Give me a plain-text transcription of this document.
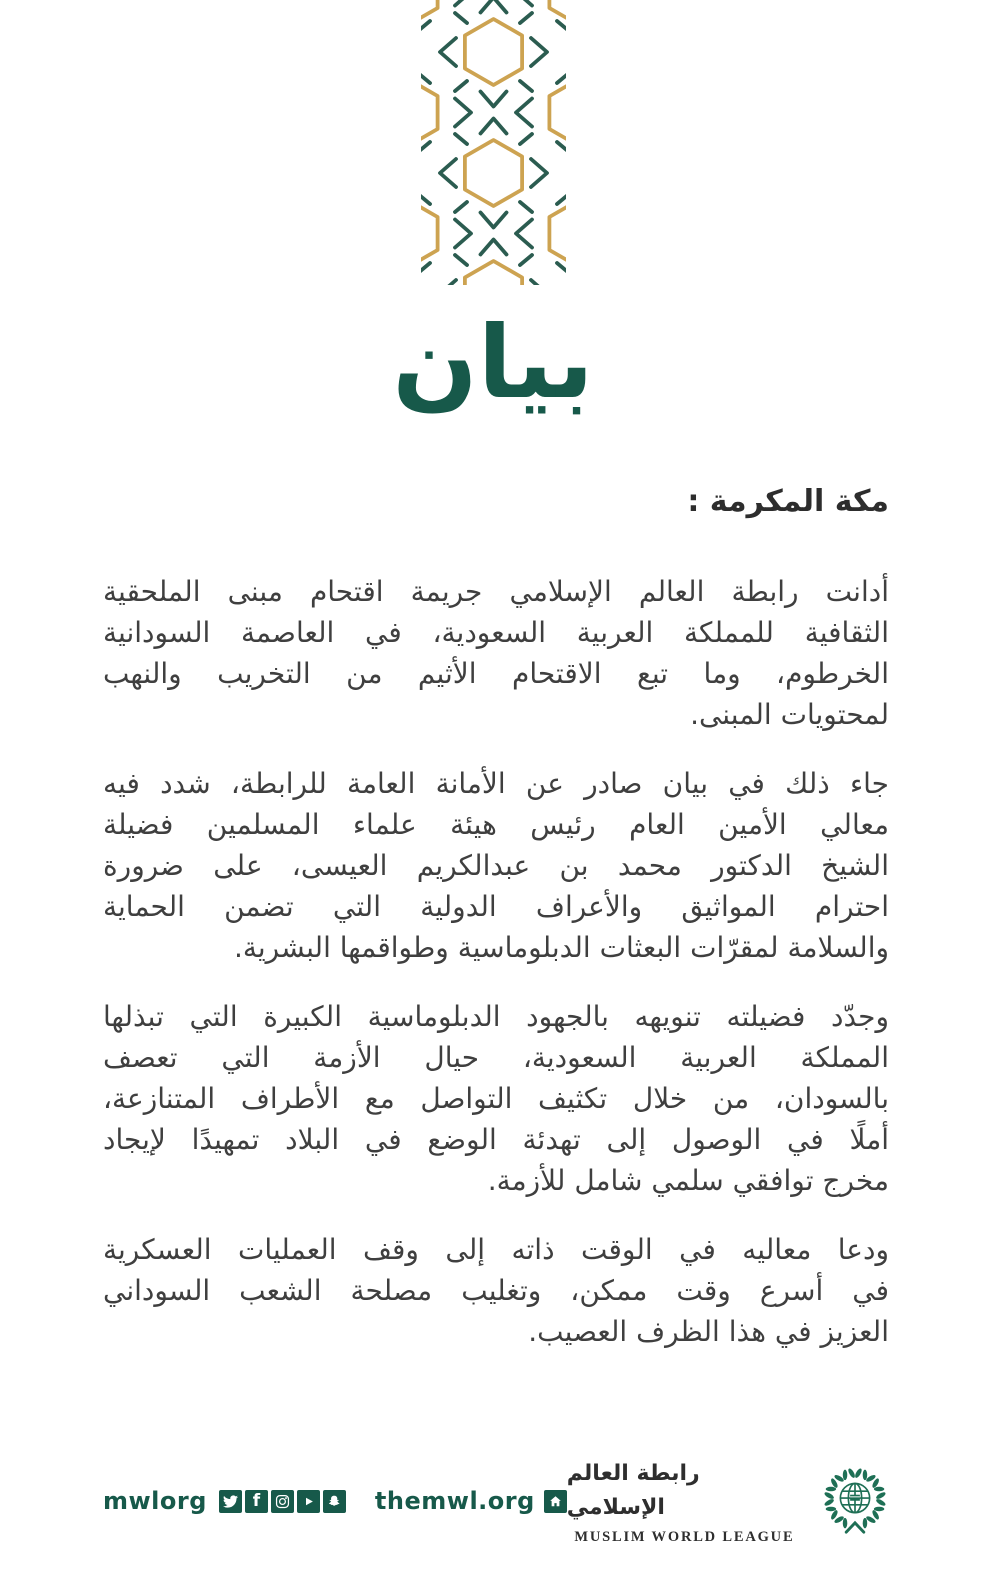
بيان
مكة المكرمة :
أدانت رابطة العالم الإسلامي جريمة اقتحام مبنى الملحقية
الثقافية للمملكة العربية السعودية، في العاصمة السودانية
الخرطوم، وما تبع الاقتحام الأثيم من التخريب والنهب
لمحتويات المبنى.
جاء ذلك في بيان صادر عن الأمانة العامة للرابطة، شدد فيه
معالي الأمين العام رئيس هيئة علماء المسلمين فضيلة
الشيخ الدكتور محمد بن عبدالكريم العيسى، على ضرورة
احترام المواثيق والأعراف الدولية التي تضمن الحماية
والسلامة لمقرّات البعثات الدبلوماسية وطواقمها البشرية.
وجدّد فضيلته تنويهه بالجهود الدبلوماسية الكبيرة التي تبذلها
المملكة العربية السعودية، حيال الأزمة التي تعصف
بالسودان، من خلال تكثيف التواصل مع الأطراف المتنازعة،
أملًا في الوصول إلى تهدئة الوضع في البلاد تمهيدًا لإيجاد
مخرج توافقي سلمي شامل للأزمة.
ودعا معاليه في الوقت ذاته إلى وقف العمليات العسكرية
في أسرع وقت ممكن، وتغليب مصلحة الشعب السوداني
العزيز في هذا الظرف العصيب.
mwlorg	f	themwl.org
رابطة العالم الإسلامي
MUSLIM WORLD LEAGUE
